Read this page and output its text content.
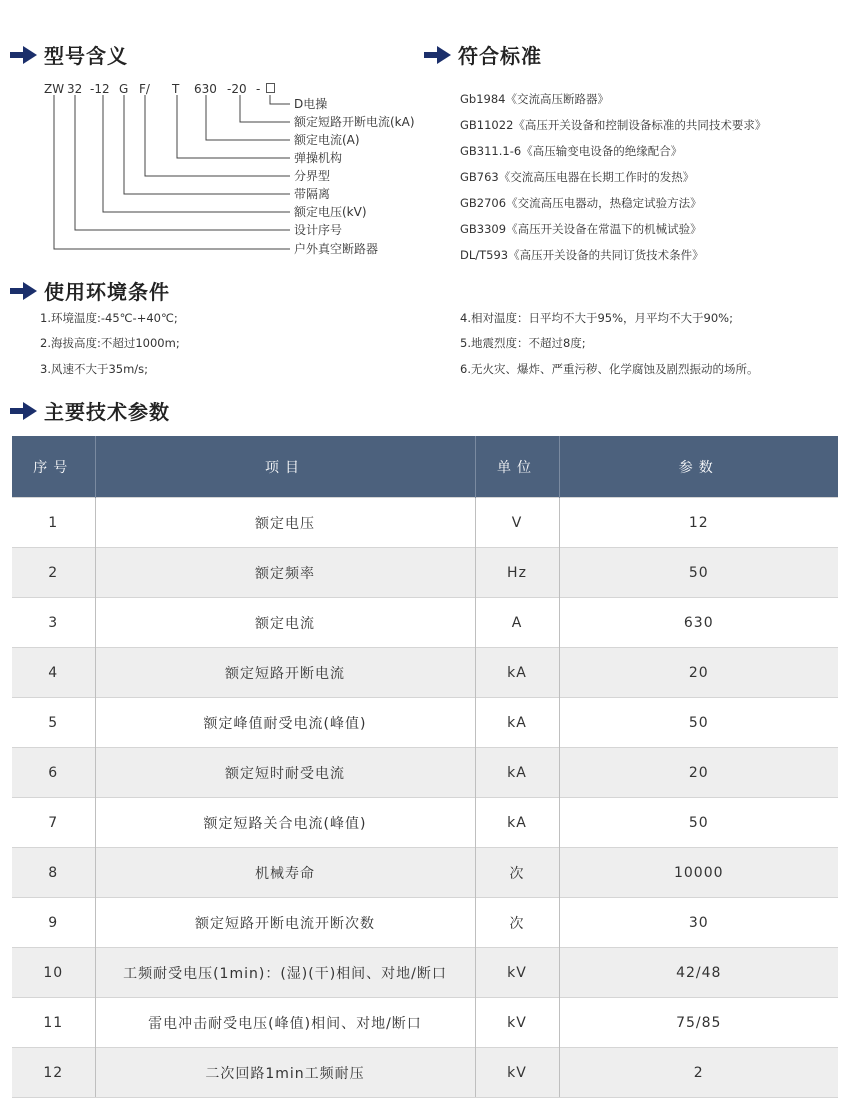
型号含义
ZW 32 -12 G F/ T 630 -20 -
D电操
额定短路开断电流(kA)
额定电流(A)
弹操机构
分界型
带隔离
额定电压(kV)
设计序号
户外真空断路器
符合标准
Gb1984《交流高压断路器》
GB11022《高压开关设备和控制设备标准的共同技术要求》
GB311.1-6《高压输变电设备的绝缘配合》
GB763《交流高压电器在长期工作时的发热》
GB2706《交流高压电器动，热稳定试验方法》
GB3309《高压开关设备在常温下的机械试验》
DL/T593《高压开关设备的共同订货技术条件》
使用环境条件
1.环境温度:-45℃-+40℃;
2.海拔高度:不超过1000m;
3.风速不大于35m/s;
4.相对温度：日平均不大于95%，月平均不大于90%;
5.地震烈度：不超过8度;
6.无火灾、爆炸、严重污秽、化学腐蚀及剧烈振动的场所。
主要技术参数
序号	项目	单位	参数
1	额定电压	V	12
2	额定频率	Hz	50
3	额定电流	A	630
4	额定短路开断电流	kA	20
5	额定峰值耐受电流(峰值)	kA	50
6	额定短时耐受电流	kA	20
7	额定短路关合电流(峰值)	kA	50
8	机械寿命	次	10000
9	额定短路开断电流开断次数	次	30
10	工频耐受电压(1min)：(湿)(干)相间、对地/断口	kV	42/48
11	雷电冲击耐受电压(峰值)相间、对地/断口	kV	75/85
12	二次回路1min工频耐压	kV	2
